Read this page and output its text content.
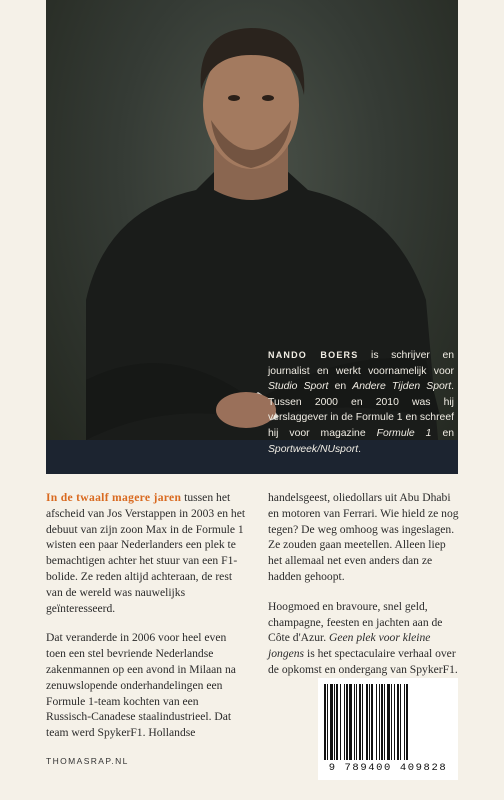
NANDO BOERS is schrijver en journalist en werkt voornamelijk voor Studio Sport en Andere Tijden Sport. Tussen 2000 en 2010 was hij verslaggever in de Formule 1 en schreef hij voor magazine Formule 1 en Sportweek/NUsport.

In de twaalf magere jaren tussen het afscheid van Jos Verstappen in 2003 en het debuut van zijn zoon Max in de Formule 1 wisten een paar Nederlanders een plek te bemachtigen achter het stuur van een F1-bolide. Ze reden altijd achteraan, de rest van de wereld was nauwelijks geïnteresseerd.

Dat veranderde in 2006 voor heel even toen een stel bevriende Nederlandse zakenmannen op een avond in Milaan na zenuwslopende onderhandelingen een Formule 1-team kochten van een Russisch-Canadese staalindustrieel. Dat team werd SpykerF1. Hollandse

handelsgeest, oliedollars uit Abu Dhabi en motoren van Ferrari. Wie hield ze nog tegen? De weg omhoog was ingeslagen. Ze zouden gaan meetellen. Alleen liep het allemaal net even anders dan ze hadden gehoopt.

Hoogmoed en bravoure, snel geld, champagne, feesten en jachten aan de Côte d'Azur. Geen plek voor kleine jongens is het spectaculaire verhaal over de opkomst en ondergang van SpykerF1.

THOMASRAP.NL
9 789400 409828
